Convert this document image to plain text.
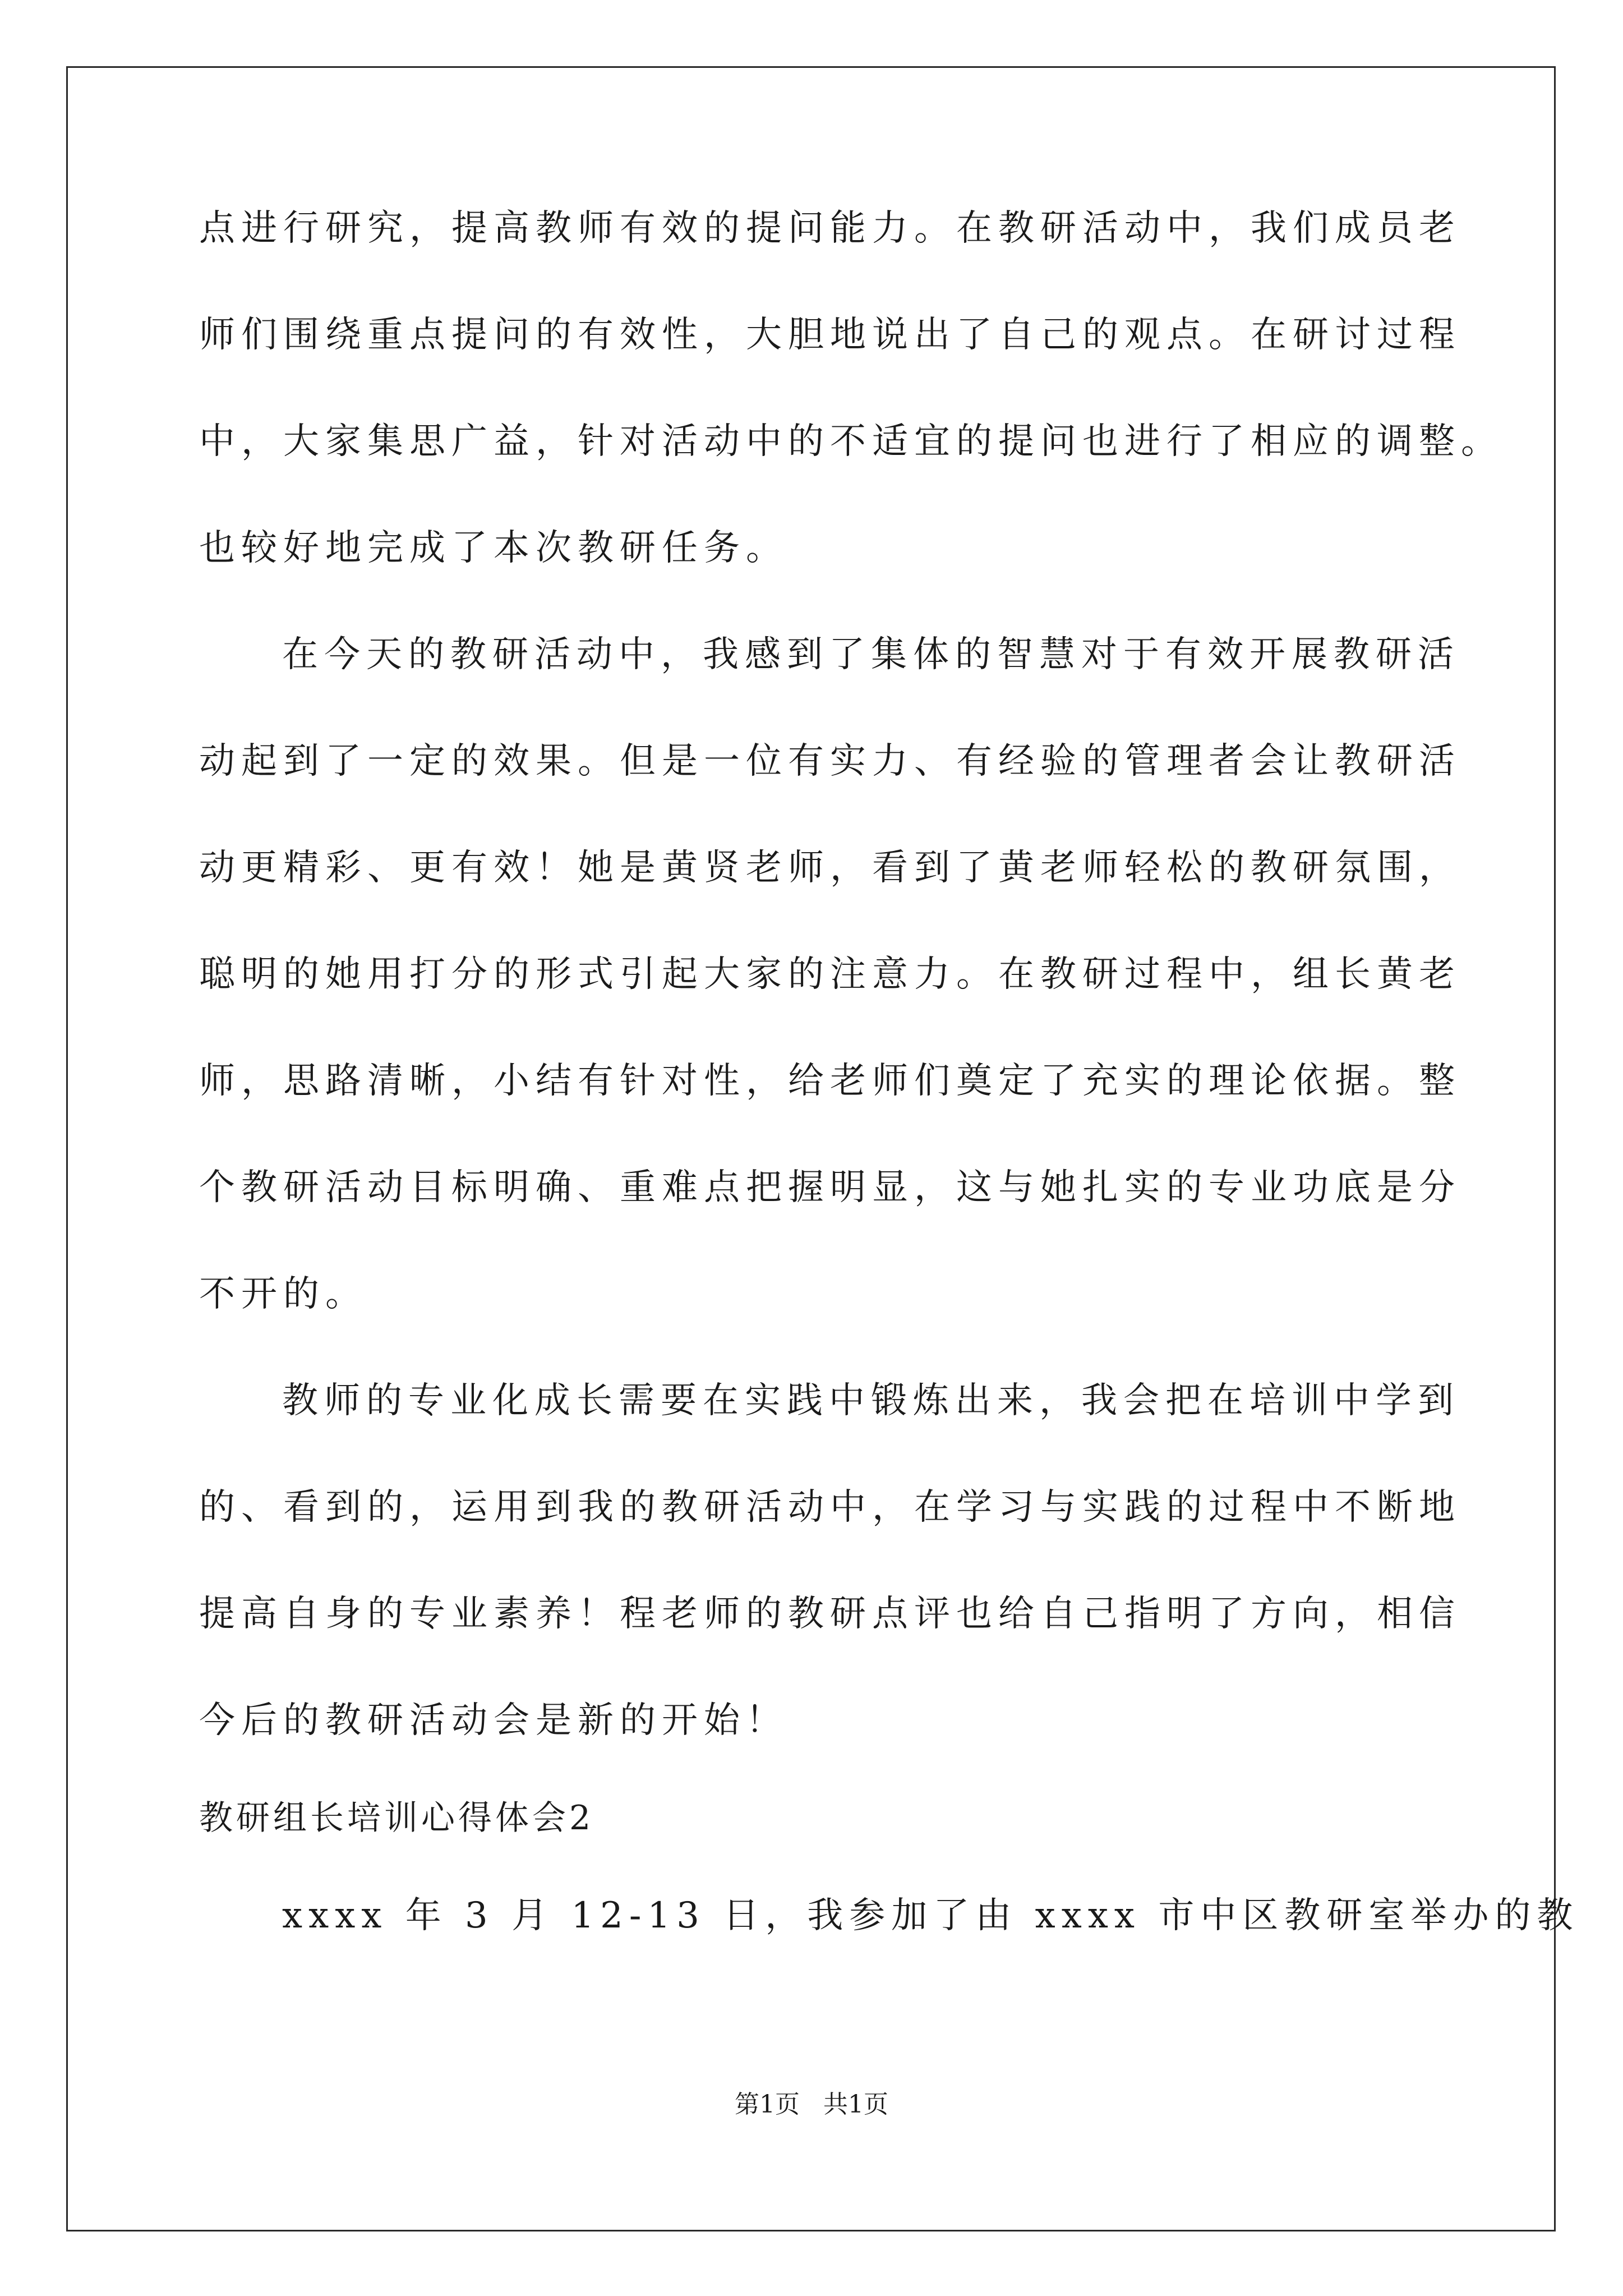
点进行研究，提高教师有效的提问能力。在教研活动中，我们成员老
师们围绕重点提问的有效性，大胆地说出了自己的观点。在研讨过程
中，大家集思广益，针对活动中的不适宜的提问也进行了相应的调整。
也较好地完成了本次教研任务。
在今天的教研活动中，我感到了集体的智慧对于有效开展教研活
动起到了一定的效果。但是一位有实力、有经验的管理者会让教研活
动更精彩、更有效！她是黄贤老师，看到了黄老师轻松的教研氛围，
聪明的她用打分的形式引起大家的注意力。在教研过程中，组长黄老
师，思路清晰，小结有针对性，给老师们奠定了充实的理论依据。整
个教研活动目标明确、重难点把握明显，这与她扎实的专业功底是分
不开的。
教师的专业化成长需要在实践中锻炼出来，我会把在培训中学到
的、看到的，运用到我的教研活动中，在学习与实践的过程中不断地
提高自身的专业素养！程老师的教研点评也给自己指明了方向，相信
今后的教研活动会是新的开始！
教研组长培训心得体会2
xxxx 年 3 月 12-13 日，我参加了由 xxxx 市中区教研室举办的教
第1页   共1页
